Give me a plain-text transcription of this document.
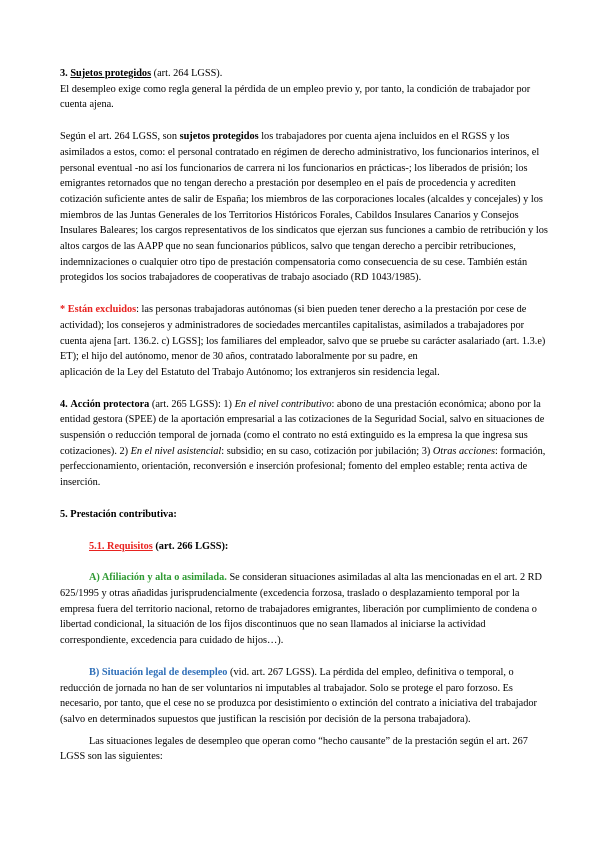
3. Sujetos protegidos (art. 264 LGSS).

El desempleo exige como regla general la pérdida de un empleo previo y, por tanto, la condición de trabajador por cuenta ajena.

Según el art. 264 LGSS, son sujetos protegidos los trabajadores por cuenta ajena incluidos en el RGSS y los asimilados a estos, como: el personal contratado en régimen de derecho administrativo, los funcionarios interinos, el personal eventual -no así los funcionarios de carrera ni los funcionarios en prácticas-; los liberados de prisión; los emigrantes retornados que no tengan derecho a prestación por desempleo en el país de procedencia y acrediten cotización suficiente antes de salir de España; los miembros de las corporaciones locales (alcaldes y concejales) y los miembros de las Juntas Generales de los Territorios Históricos Forales, Cabildos Insulares Canarios y Consejos Insulares Baleares; los cargos representativos de los sindicatos que ejerzan sus funciones a cambio de retribución y los altos cargos de las AAPP que no sean funcionarios públicos, salvo que tengan derecho a percibir retribuciones, indemnizaciones o cualquier otro tipo de prestación compensatoria como consecuencia de su cese. También están protegidos los socios trabajadores de cooperativas de trabajo asociado (RD 1043/1985).

* Están excluidos: las personas trabajadoras autónomas (si bien pueden tener derecho a la prestación por cese de actividad); los consejeros y administradores de sociedades mercantiles capitalistas, asimilados a trabajadores por cuenta ajena [art. 136.2. c) LGSS]; los familiares del empleador, salvo que se pruebe su carácter asalariado (art. 1.3.e) ET); el hijo del autónomo, menor de 30 años, contratado laboralmente por su padre, en

aplicación de la Ley del Estatuto del Trabajo Autónomo; los extranjeros sin residencia legal.

4. Acción protectora (art. 265 LGSS): 1) En el nivel contributivo: abono de una prestación económica; abono por la entidad gestora (SPEE) de la aportación empresarial a las cotizaciones de la Seguridad Social, salvo en situaciones de suspensión o reducción temporal de jornada (como el contrato no está extinguido es la empresa la que ingresa sus cotizaciones). 2) En el nivel asistencial: subsidio; en su caso, cotización por jubilación; 3) Otras acciones: formación, perfeccionamiento, orientación, reconversión e inserción profesional; fomento del empleo estable; renta activa de inserción.

5. Prestación contributiva:

5.1. Requisitos (art. 266 LGSS):

A) Afiliación y alta o asimilada. Se consideran situaciones asimiladas al alta las mencionadas en el art. 2 RD 625/1995 y otras añadidas jurisprudencialmente (excedencia forzosa, traslado o desplazamiento temporal por la empresa fuera del territorio nacional, retorno de trabajadores emigrantes, liberación por cumplimiento de condena o libertad condicional, la situación de los fijos discontinuos que no sean llamados al iniciarse la actividad correspondiente, excedencia para cuidado de hijos…).

B) Situación legal de desempleo (vid. art. 267 LGSS). La pérdida del empleo, definitiva o temporal, o reducción de jornada no han de ser voluntarios ni imputables al trabajador. Solo se protege el paro forzoso. Es necesario, por tanto, que el cese no se produzca por desistimiento o extinción del contrato a iniciativa del trabajador (salvo en determinados supuestos que justifican la rescisión por decisión de la persona trabajadora).

Las situaciones legales de desempleo que operan como “hecho causante” de la prestación según el art. 267 LGSS son las siguientes:
